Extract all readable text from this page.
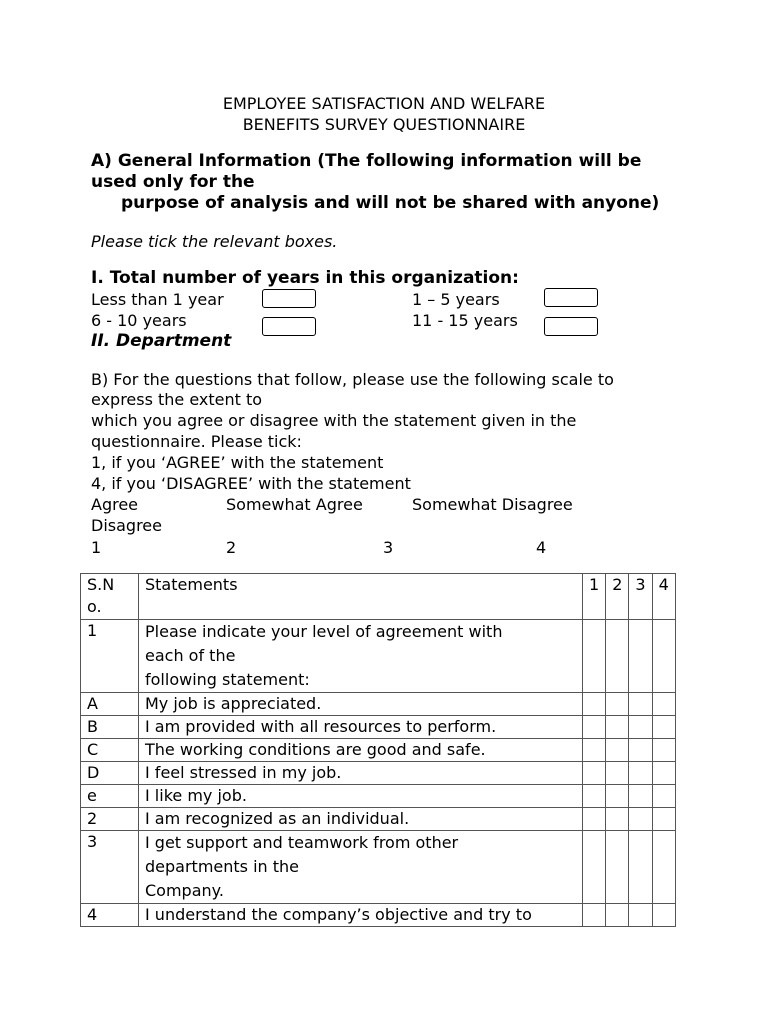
EMPLOYEE SATISFACTION AND WELFARE
BENEFITS SURVEY QUESTIONNAIRE
A) General Information (The following information will be
used only for the
purpose of analysis and will not be shared with anyone)
Please tick the relevant boxes.
I. Total number of years in this organization:
Less than 1 year	1 – 5 years
6 - 10 years	11 - 15 years
II. Department
B) For the questions that follow, please use the following scale to
express the extent to
which you agree or disagree with the statement given in the
questionnaire. Please tick:
1, if you ‘AGREE’ with the statement
4, if you ‘DISAGREE’ with the statement
Agree	Somewhat Agree	Somewhat Disagree
Disagree
1	2	3	4
S.N
o.	Statements	1	2	3	4
1	Please indicate your level of agreement with
each of the
following statement:				

A	My job is appreciated.				

B	I am provided with all resources to perform.				

C	The working conditions are good and safe.				

D	I feel stressed in my job.				

e	I like my job.				

2	I am recognized as an individual.				

3	I get support and teamwork from other
departments in the
Company.				

4	I understand the company’s objective and try to				
